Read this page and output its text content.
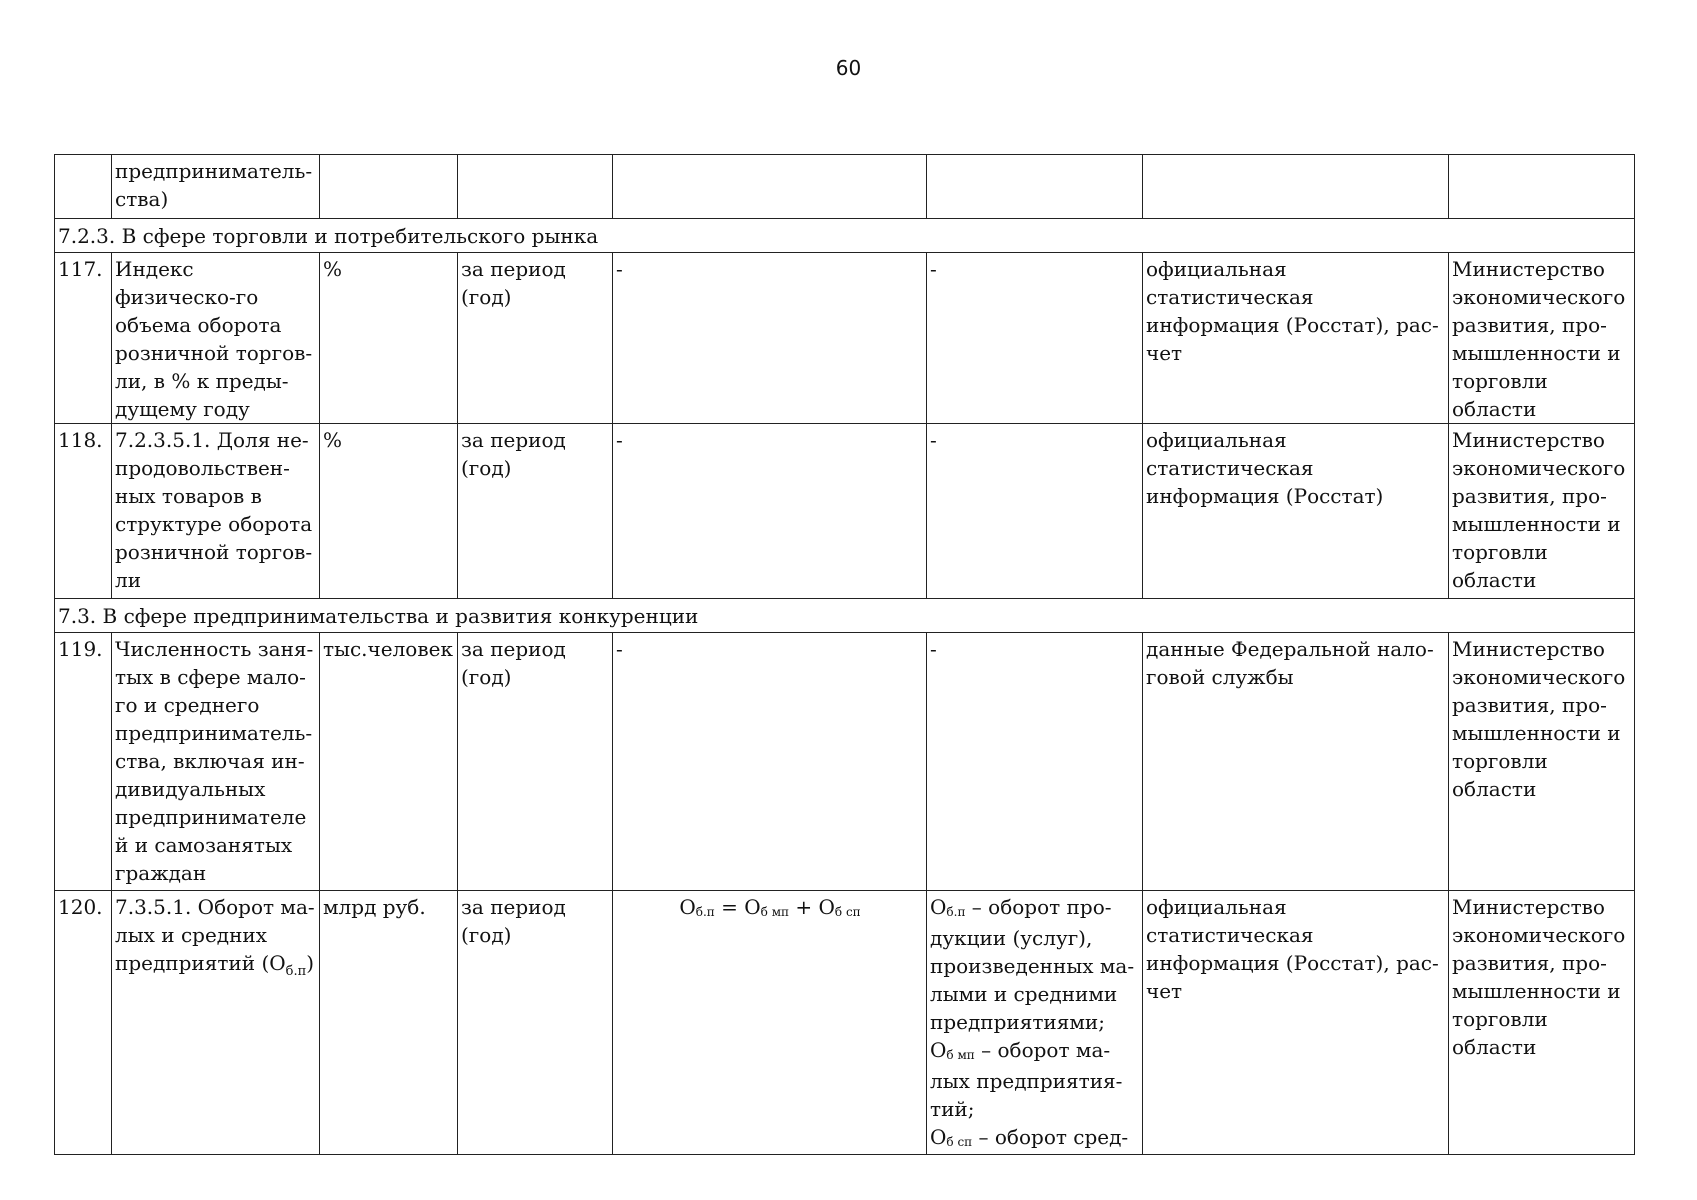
60
	предприниматель-ства)						
7.2.3. В сфере торговли и потребительского рынка							
117.	Индекс физическо-го объема оборота розничной торгов-ли, в % к преды-дущему году	%	за период (год)	-	-	официальная статистическая информация (Росстат), рас-чет	Министерство экономического развития, про-мышленности и торговли области
118.	7.2.3.5.1. Доля не-продовольствен-ных товаров в структуре оборота розничной торгов-ли	%	за период (год)	-	-	официальная статистическая информация (Росстат)	Министерство экономического развития, про-мышленности и торговли области
7.3. В сфере предпринимательства и развития конкуренции							
119.	Численность заня-тых в сфере мало-го и среднего предприниматель-ства, включая ин-дивидуальных предпринимателей и самозанятых граждан	тыс.человек	за период (год)	-	-	данные Федеральной нало-говой службы	Министерство экономического развития, про-мышленности и торговли области
120.	7.3.5.1. Оборот ма-лых и средних предприятий $(О_{б.п})$	млрд руб.	за период (год)	$О_{б.п} = О_{б мп} + О_{б сп}$	$О_{б.п}$ – оборот про-дукции (услуг), произведенных ма-лыми и средними предприятиями;
$О_{б мп}$ – оборот ма-лых предприятия-тий;
$О_{б сп}$ – оборот сред-	официальная статистическая информация (Росстат), рас-чет	Министерство экономического развития, про-мышленности и торговли области
